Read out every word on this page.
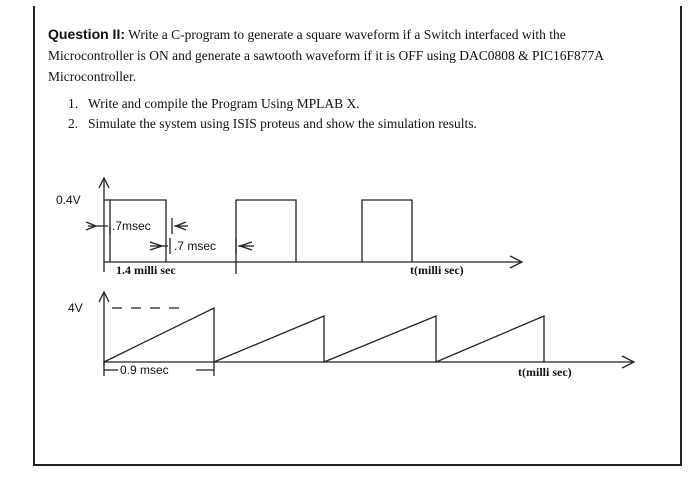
Question II: Write a C-program to generate a square waveform if a Switch interfaced with the Microcontroller is ON and generate a sawtooth waveform if it is OFF using DAC0808 & PIC16F877A Microcontroller.
1. Write and compile the Program Using MPLAB X.
2. Simulate the system using ISIS proteus and show the simulation results.
0.4V
.7msec
.7 msec
1.4 milli sec	t(milli sec)
4V
0.9 msec	t(milli sec)
